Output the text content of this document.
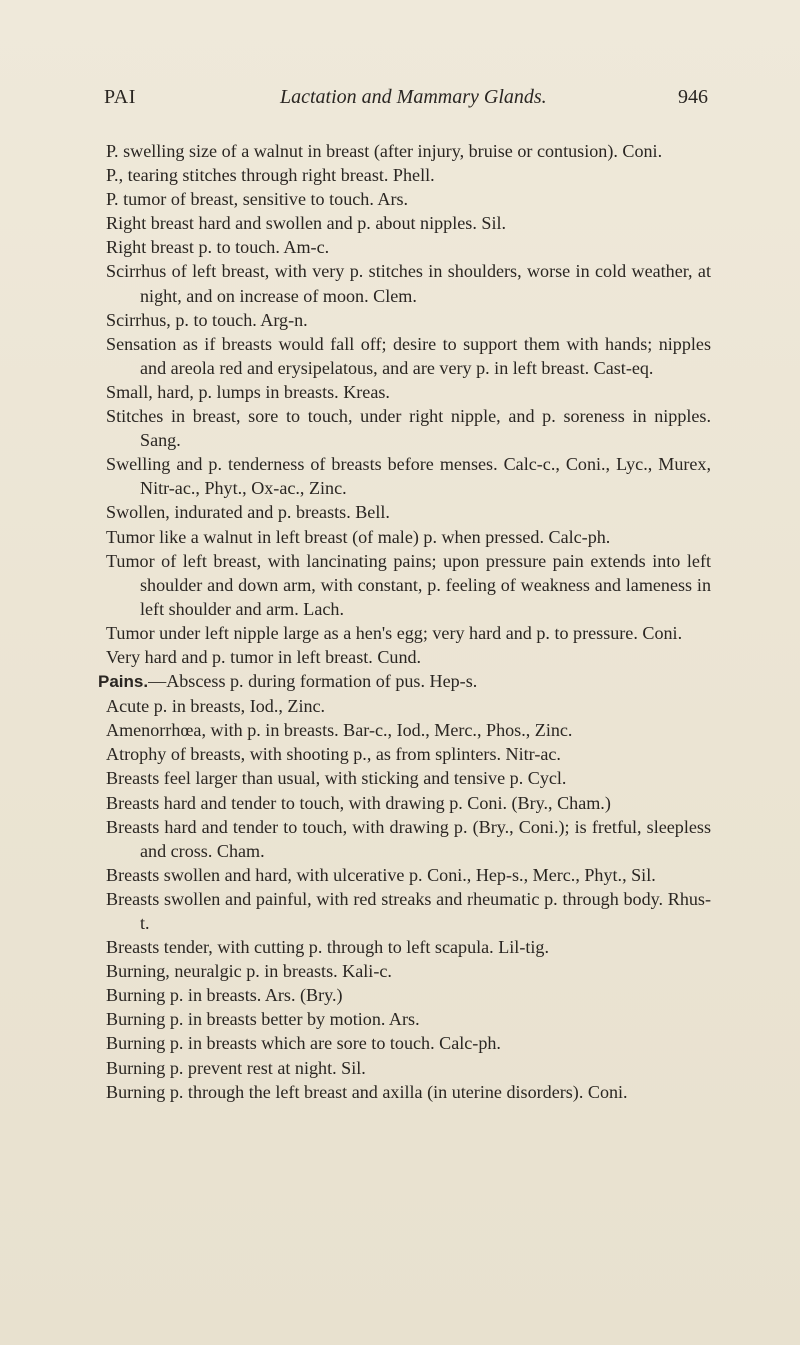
PAI	Lactation and Mammary Glands.	946

P. swelling size of a walnut in breast (after injury, bruise or contusion). Coni.

P., tearing stitches through right breast. Phell.

P. tumor of breast, sensitive to touch. Ars.

Right breast hard and swollen and p. about nipples. Sil.

Right breast p. to touch. Am-c.

Scirrhus of left breast, with very p. stitches in shoulders, worse in cold weather, at night, and on increase of moon. Clem.

Scirrhus, p. to touch. Arg-n.

Sensation as if breasts would fall off; desire to support them with hands; nipples and areola red and erysipelatous, and are very p. in left breast. Cast-eq.

Small, hard, p. lumps in breasts. Kreas.

Stitches in breast, sore to touch, under right nipple, and p. soreness in nipples. Sang.

Swelling and p. tenderness of breasts before menses. Calc-c., Coni., Lyc., Murex, Nitr-ac., Phyt., Ox-ac., Zinc.

Swollen, indurated and p. breasts. Bell.

Tumor like a walnut in left breast (of male) p. when pressed. Calc-ph.

Tumor of left breast, with lancinating pains; upon pressure pain extends into left shoulder and down arm, with constant, p. feeling of weakness and lameness in left shoulder and arm. Lach.

Tumor under left nipple large as a hen's egg; very hard and p. to pressure. Coni.

Very hard and p. tumor in left breast. Cund.

Pains.—Abscess p. during formation of pus. Hep-s.

Acute p. in breasts, Iod., Zinc.

Amenorrhœa, with p. in breasts. Bar-c., Iod., Merc., Phos., Zinc.

Atrophy of breasts, with shooting p., as from splinters. Nitr-ac.

Breasts feel larger than usual, with sticking and tensive p. Cycl.

Breasts hard and tender to touch, with drawing p. Coni. (Bry., Cham.)

Breasts hard and tender to touch, with drawing p. (Bry., Coni.); is fretful, sleepless and cross. Cham.

Breasts swollen and hard, with ulcerative p. Coni., Hep-s., Merc., Phyt., Sil.

Breasts swollen and painful, with red streaks and rheumatic p. through body. Rhus-t.

Breasts tender, with cutting p. through to left scapula. Lil-tig.

Burning, neuralgic p. in breasts. Kali-c.

Burning p. in breasts. Ars. (Bry.)

Burning p. in breasts better by motion. Ars.

Burning p. in breasts which are sore to touch. Calc-ph.

Burning p. prevent rest at night. Sil.

Burning p. through the left breast and axilla (in uterine disorders). Coni.
